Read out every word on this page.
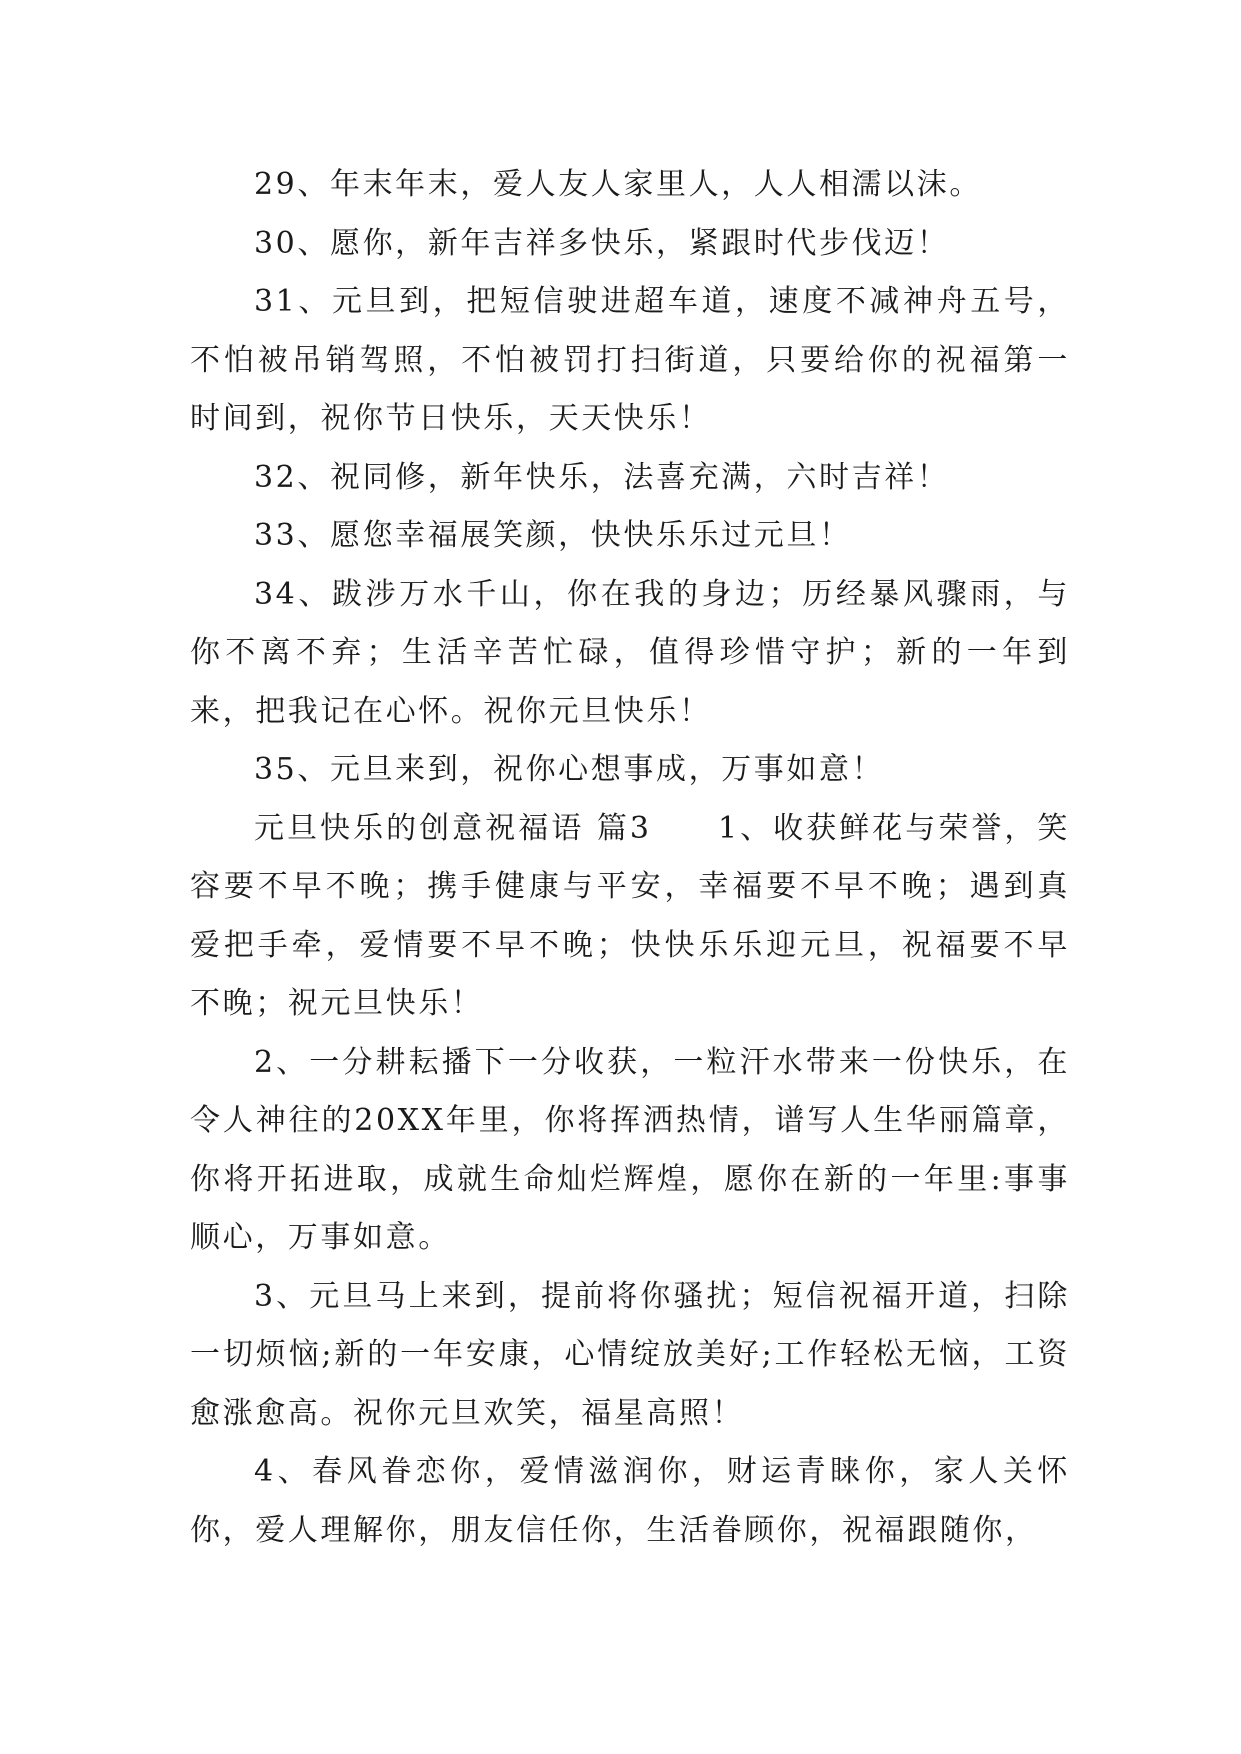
29、年末年末，爱人友人家里人，人人相濡以沫。

30、愿你，新年吉祥多快乐，紧跟时代步伐迈！

31、元旦到，把短信驶进超车道，速度不减神舟五号，不怕被吊销驾照，不怕被罚打扫街道，只要给你的祝福第一时间到，祝你节日快乐，天天快乐！

32、祝同修，新年快乐，法喜充满，六时吉祥！

33、愿您幸福展笑颜，快快乐乐过元旦！

34、跋涉万水千山，你在我的身边；历经暴风骤雨，与你不离不弃；生活辛苦忙碌，值得珍惜守护；新的一年到来，把我记在心怀。祝你元旦快乐！

35、元旦来到，祝你心想事成，万事如意！

元旦快乐的创意祝福语 篇3　　1、收获鲜花与荣誉，笑容要不早不晚；携手健康与平安，幸福要不早不晚；遇到真爱把手牵，爱情要不早不晚；快快乐乐迎元旦，祝福要不早不晚；祝元旦快乐！

2、一分耕耘播下一分收获，一粒汗水带来一份快乐，在令人神往的20XX年里，你将挥洒热情，谱写人生华丽篇章，你将开拓进取，成就生命灿烂辉煌，愿你在新的一年里:事事顺心，万事如意。

3、元旦马上来到，提前将你骚扰；短信祝福开道，扫除一切烦恼;新的一年安康，心情绽放美好;工作轻松无恼，工资愈涨愈高。祝你元旦欢笑，福星高照！

4、春风眷恋你，爱情滋润你，财运青睐你，家人关怀你，爱人理解你，朋友信任你，生活眷顾你，祝福跟随你，
